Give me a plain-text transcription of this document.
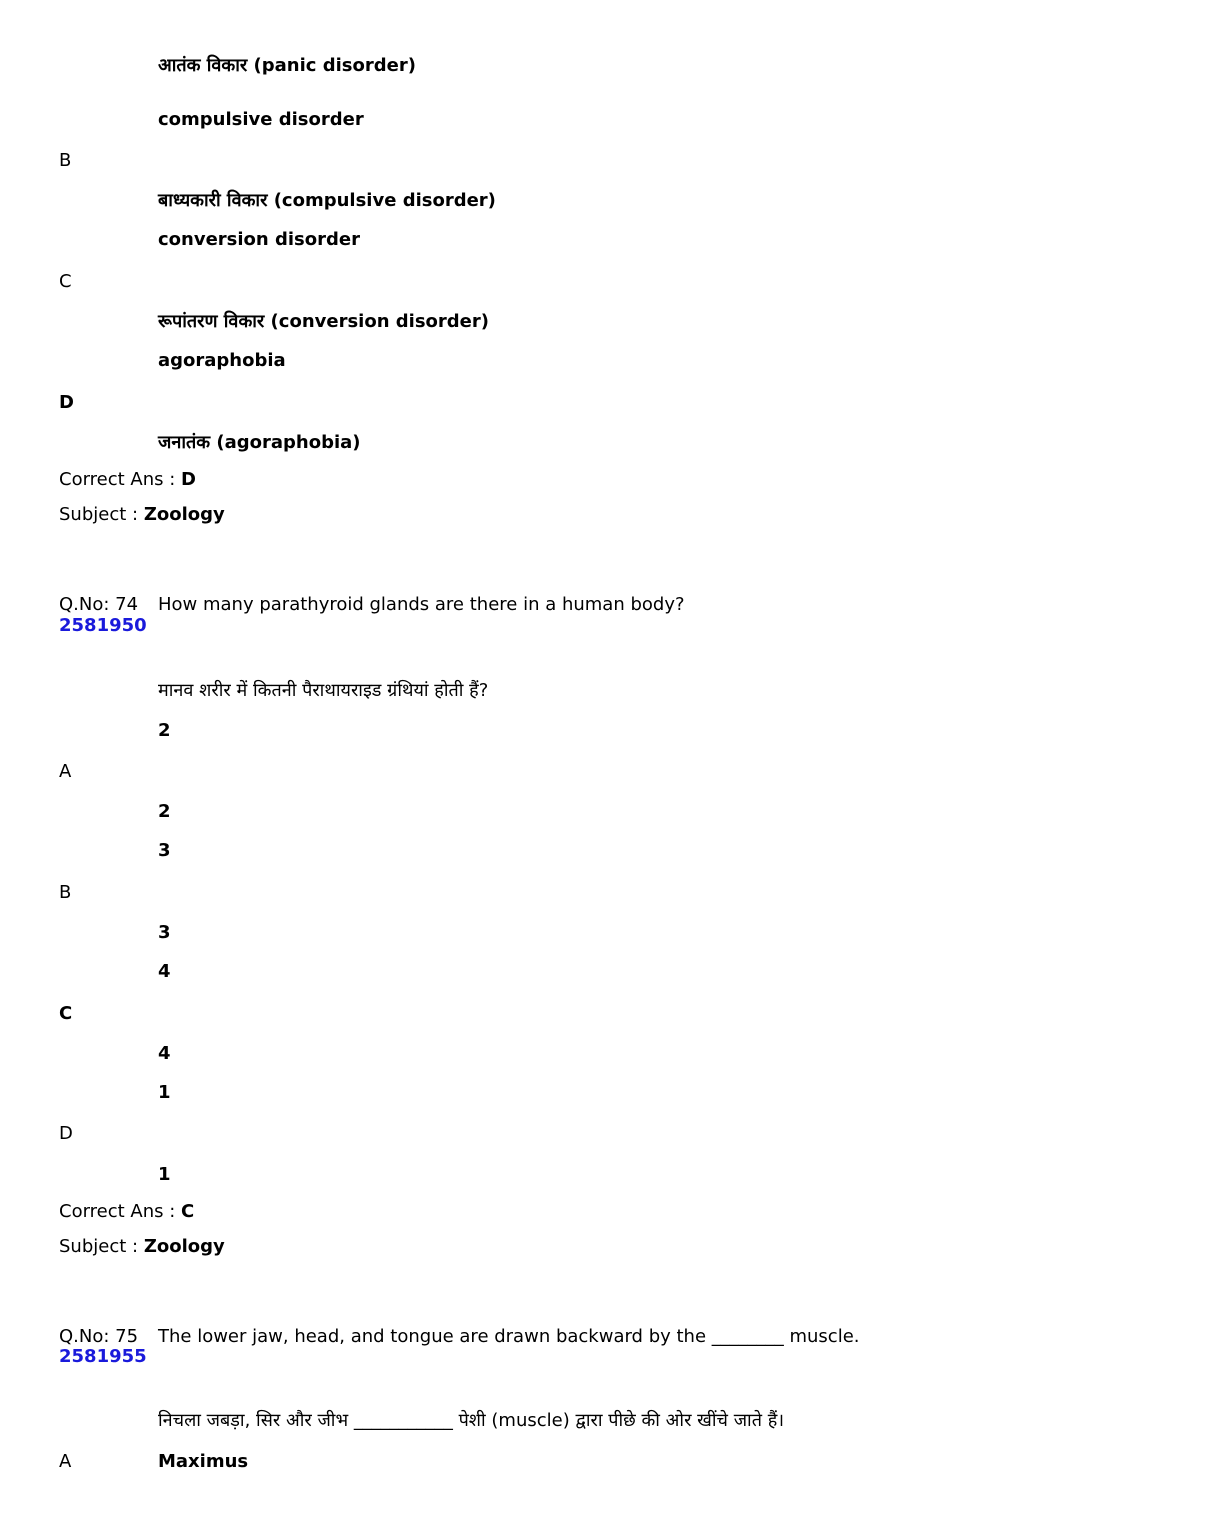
आतंक विकार (panic disorder)
compulsive disorder
B
बाध्यकारी विकार (compulsive disorder)
conversion disorder
C
रूपांतरण विकार (conversion disorder)
agoraphobia
D
जनातंक (agoraphobia)
Correct Ans : D
Subject : Zoology
Q.No: 74 How many parathyroid glands are there in a human body?
2581950
मानव शरीर में कितनी पैराथायराइड ग्रंथियां होती हैं?
2
A
2
3
B
3
4
C
4
1
D
1
Correct Ans : C
Subject : Zoology
Q.No: 75 The lower jaw, head, and tongue are drawn backward by the ________ muscle.
2581955
निचला जबड़ा, सिर और जीभ ___________ पेशी (muscle) द्वारा पीछे की ओर खींचे जाते हैं।
A	Maximus
